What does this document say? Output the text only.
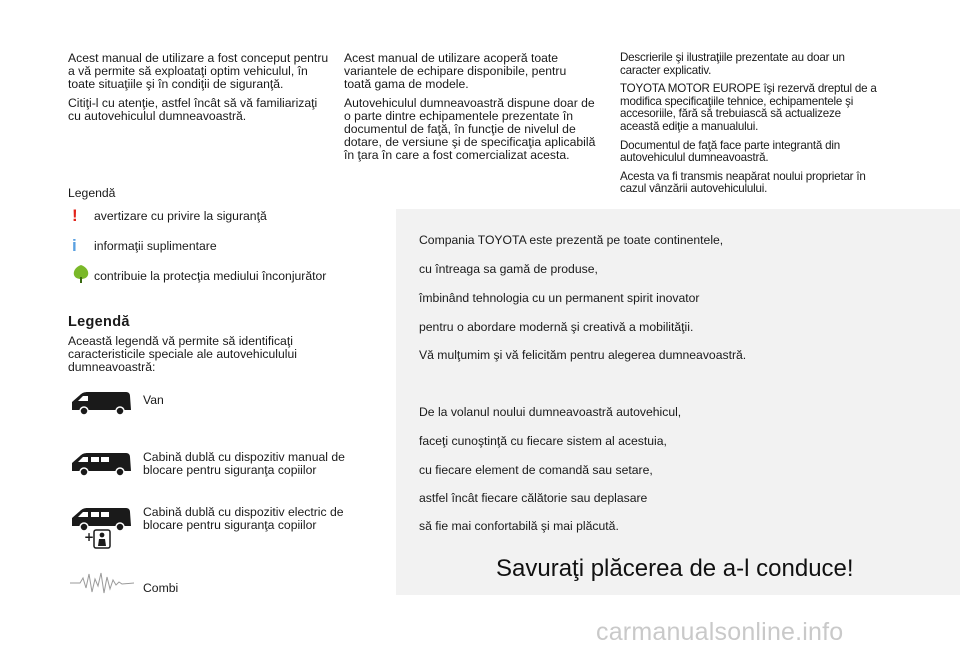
Acest manual de utilizare a fost conceput pentru a vă permite să exploataţi optim vehiculul, în toate situaţiile şi în condiţii de siguranţă.

Citiţi-l cu atenţie, astfel încât să vă familiarizaţi cu autovehiculul dumneavoastră.

Acest manual de utilizare acoperă toate variantele de echipare disponibile, pentru toată gama de modele.

Autovehiculul dumneavoastră dispune doar de o parte dintre echipamentele prezentate în documentul de faţă, în funcţie de nivelul de dotare, de versiune şi de specificaţia aplicabilă în ţara în care a fost comercializat acesta.

Descrierile şi ilustraţiile prezentate au doar un caracter explicativ.

TOYOTA MOTOR EUROPE îşi rezervă dreptul de a modifica specificaţiile tehnice, echipamentele şi accesoriile, fără să trebuiască să actualizeze această ediţie a manualului.

Documentul de faţă face parte integrantă din autovehiculul dumneavoastră.

Acesta va fi transmis neapărat noului proprietar în cazul vânzării autovehiculului.

Legendă
!	avertizare cu privire la siguranţă
i	informaţii suplimentare
contribuie la protecţia mediului înconjurător
Legendă
Această legendă vă permite să identificaţi caracteristicile speciale ale autovehiculului dumneavoastră:
Van
Cabină dublă cu dispozitiv manual de blocare pentru siguranţa copiilor
+
Cabină dublă cu dispozitiv electric de blocare pentru siguranţa copiilor
Combi
Compania TOYOTA este prezentă pe toate continentele,
cu întreaga sa gamă de produse,
îmbinând tehnologia cu un permanent spirit inovator
pentru o abordare modernă şi creativă a mobilităţii.
Vă mulţumim şi vă felicităm pentru alegerea dumneavoastră.
De la volanul noului dumneavoastră autovehicul,
faceţi cunoştinţă cu fiecare sistem al acestuia,
cu fiecare element de comandă sau setare,
astfel încât fiecare călătorie sau deplasare
să fie mai confortabilă şi mai plăcută.
Savuraţi plăcerea de a-l conduce!
carmanualsonline.info
